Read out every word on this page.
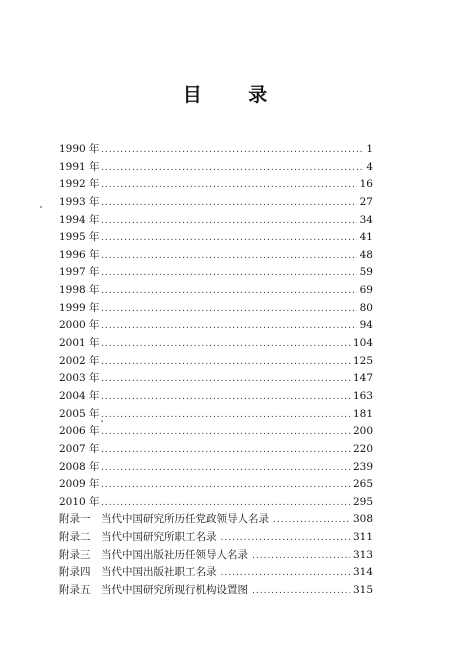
目 录
1990 年 .....	1
1991 年 .....	4
1992 年 .....	16
1993 年 .....	27
1994 年 .....	34
1995 年 .....	41
1996 年 .....	48
1997 年 .....	59
1998 年 .....	69
1999 年 .....	80
2000 年 .....	94
2001 年 .....	104
2002 年 .....	125
2003 年 .....	147
2004 年 .....	163
2005 年 .....	181
2006 年 .....	200
2007 年 .....	220
2008 年 .....	239
2009 年 .....	265
2010 年 .....	295
附录一　当代中国研究所历任党政领导人名录 .....	308
附录二　当代中国研究所职工名录 .....	311
附录三　当代中国出版社历任领导人名录 .....	313
附录四　当代中国出版社职工名录 .....	314
附录五　当代中国研究所现行机构设置图 .....	315
